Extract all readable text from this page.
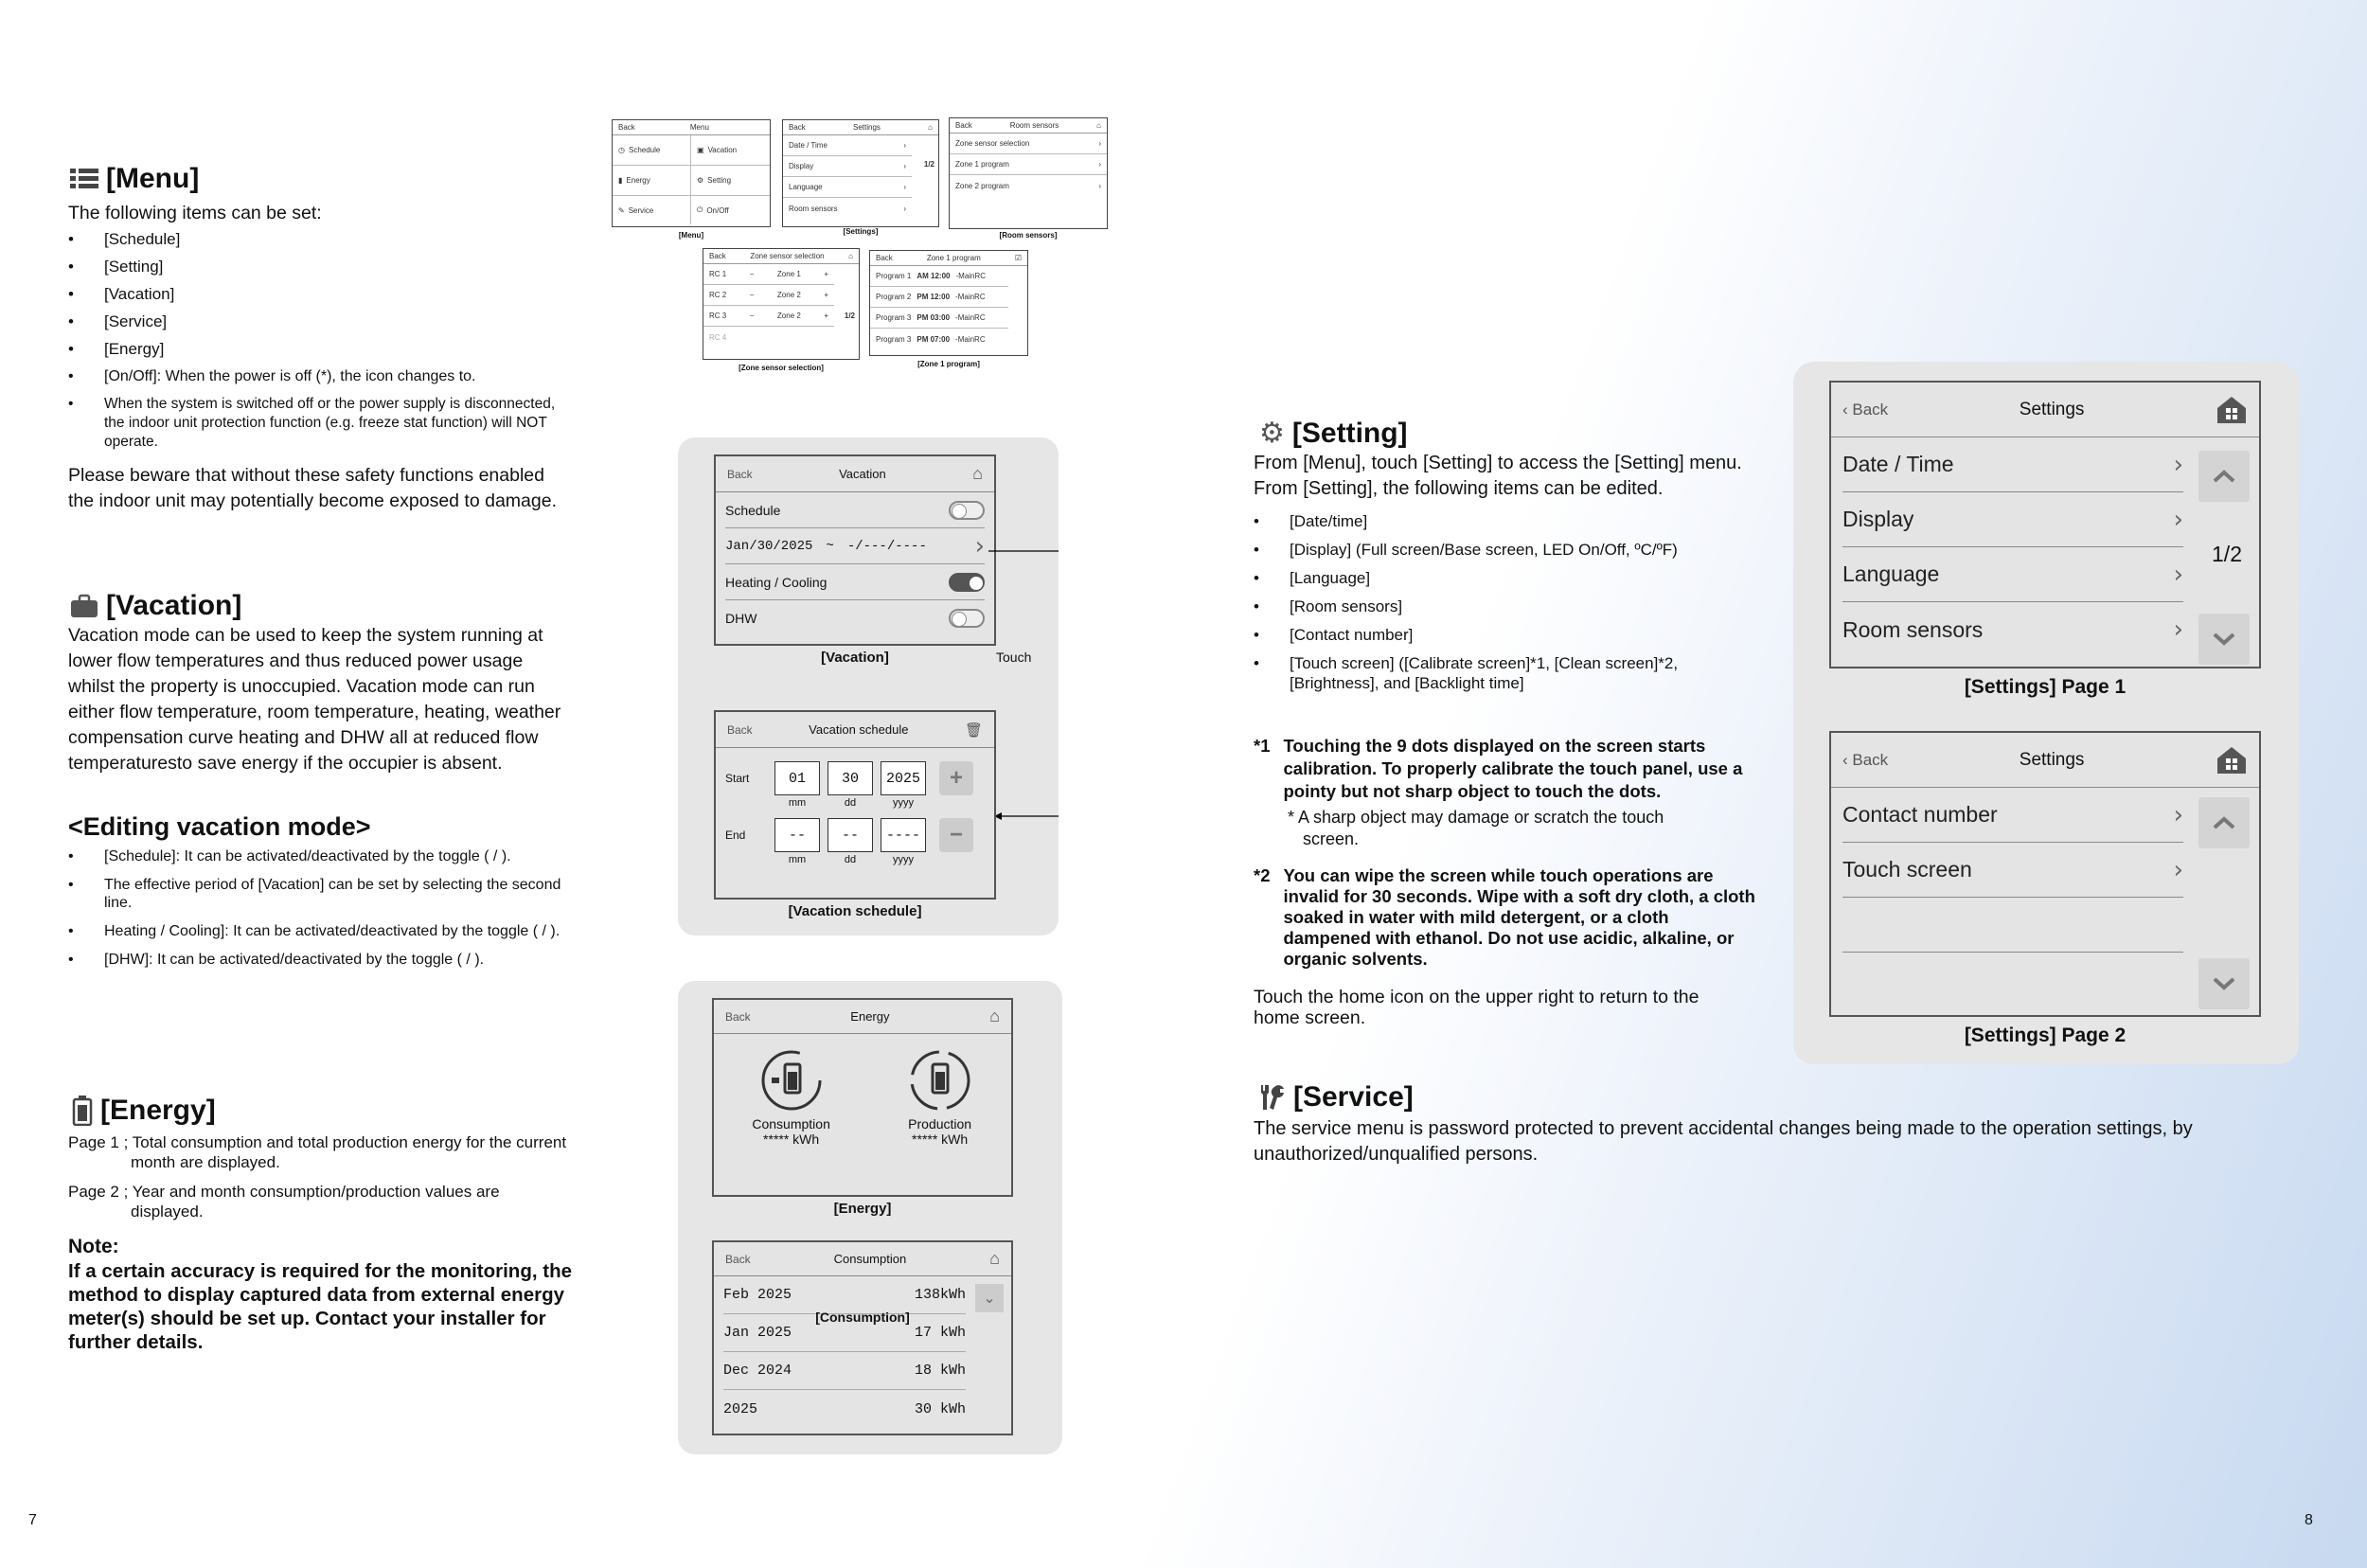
[Menu]
The following items can be set:
• [Schedule]
• [Setting]
• [Vacation]
• [Service]
• [Energy]
• [On/Off]: When the power is off (*), the icon changes to.
• When the system is switched off or the power supply is disconnected, the indoor unit protection function (e.g. freeze stat function) will NOT operate.
Please beware that without these safety functions enabled the indoor unit may potentially become exposed to damage.
[Vacation]
Vacation mode can be used to keep the system running at lower flow temperatures and thus reduced power usage whilst the property is unoccupied. Vacation mode can run either flow temperature, room temperature, heating, weather compensation curve heating and DHW all at reduced flow temperaturesto save energy if the occupier is absent.
<Editing vacation mode>
• [Schedule]: It can be activated/deactivated by the toggle ( / ).
• The effective period of [Vacation] can be set by selecting the second line.
• Heating / Cooling]: It can be activated/deactivated by the toggle ( / ).
• [DHW]: It can be activated/deactivated by the toggle ( / ).
[Energy]
Page 1 ; Total consumption and total production energy for the current month are displayed.
Page 2 ; Year and month consumption/production values are displayed.
Note:
If a certain accuracy is required for the monitoring, the method to display captured data from external energy meter(s) should be set up. Contact your installer for further details.
7
Back	Menu
◷ Schedule	▣ Vacation
▮ Energy	⚙ Setting
✎ Service	⏻ On/Off
[Menu]
Back	Settings	⌂
Date / Time	›
Display	›
Language	›
Room sensors	›
1/2
[Settings]
Back	Room sensors	⌂
Zone sensor selection	›
Zone 1 program	›
Zone 2 program	›
[Room sensors]
Back	Zone sensor selection	⌂
RC 1	−	Zone 1	+
RC 2	−	Zone 2	+
RC 3	−	Zone 2	+
RC 4
1/2
[Zone sensor selection]
Back	Zone 1 program	☑
Program 1 AM 12:00 -MainRC
Program 2 PM 12:00 -MainRC
Program 3 PM 03:00 -MainRC
Program 3 PM 07:00 -MainRC
[Zone 1 program]
Back	Vacation	⌂
Schedule
Jan/30/2025 ~ -/---/---- ›
Heating / Cooling
DHW
[Vacation]	Touch
Back	Vacation schedule	🗑
Start	01	30	2025	+
mm	dd	yyyy
End	--	--	----	−
mm	dd	yyyy
[Vacation schedule]
Back	Energy	⌂
Consumption
***** kWh
Production
***** kWh
[Energy]
Back	Consumption	⌂
Feb 2025	138kWh
Jan 2025	17 kWh
Dec 2024	18 kWh
2025	30 kWh
⌄
[Consumption]
⚙ [Setting]
From [Menu], touch [Setting] to access the [Setting] menu. From [Setting], the following items can be edited.
• [Date/time]
• [Display] (Full screen/Base screen, LED On/Off, ºC/ºF)
• [Language]
• [Room sensors]
• [Contact number]
• [Touch screen] ([Calibrate screen]*1, [Clean screen]*2, [Brightness], and [Backlight time]
*1 Touching the 9 dots displayed on the screen starts calibration. To properly calibrate the touch panel, use a pointy but not sharp object to touch the dots.
* A sharp object may damage or scratch the touch screen.
*2 You can wipe the screen while touch operations are invalid for 30 seconds. Wipe with a soft dry cloth, a cloth soaked in water with mild detergent, or a cloth dampened with ethanol. Do not use acidic, alkaline, or organic solvents.
Touch the home icon on the upper right to return to the home screen.
‹ Back	Settings
Date / Time	›
Display	›
Language	›
Room sensors	›
1/2
[Settings] Page 1
‹ Back	Settings
Contact number	›
Touch screen	›
[Settings] Page 2
[Service]
The service menu is password protected to prevent accidental changes being made to the operation settings, by unauthorized/unqualified persons.
8
